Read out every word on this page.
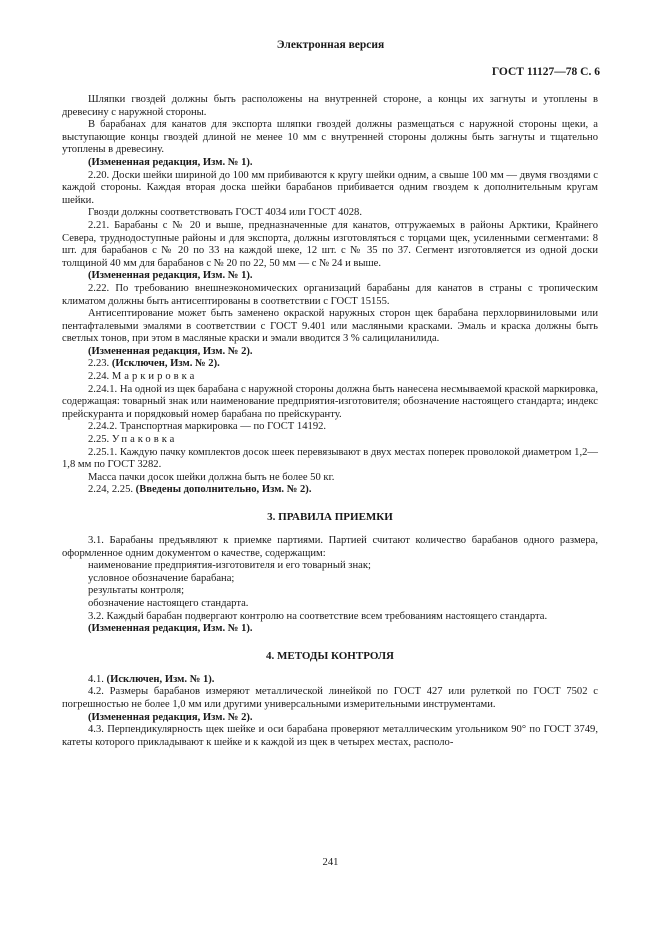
Электронная версия
ГОСТ 11127—78 С. 6

Шляпки гвоздей должны быть расположены на внутренней стороне, а концы их загнуты и утоплены в древесину с наружной стороны.

В барабанах для канатов для экспорта шляпки гвоздей должны размещаться с наружной стороны щеки, а выступающие концы гвоздей длиной не менее 10 мм с внутренней стороны должны быть загнуты и тщательно утоплены в древесину.

(Измененная редакция, Изм. № 1).

2.20. Доски шейки шириной до 100 мм прибиваются к кругу шейки одним, а свыше 100 мм — двумя гвоздями с каждой стороны. Каждая вторая доска шейки барабанов прибивается одним гвоздем к дополнительным кругам шейки.

Гвозди должны соответствовать ГОСТ 4034 или ГОСТ 4028.

2.21. Барабаны с № 20 и выше, предназначенные для канатов, отгружаемых в районы Арктики, Крайнего Севера, труднодоступные районы и для экспорта, должны изготовляться с торцами щек, усиленными сегментами: 8 шт. для барабанов с № 20 по 33 на каждой шеке, 12 шт. с № 35 по 37. Сегмент изготовляется из одной доски толщиной 40 мм для барабанов с № 20 по 22, 50 мм — с № 24 и выше.

(Измененная редакция, Изм. № 1).

2.22. По требованию внешнеэкономических организаций барабаны для канатов в страны с тропическим климатом должны быть антисептированы в соответствии с ГОСТ 15155.

Антисептирование может быть заменено окраской наружных сторон щек барабана перхлорвиниловыми или пентафталевыми эмалями в соответствии с ГОСТ 9.401 или масляными красками. Эмаль и краска должны быть светлых тонов, при этом в масляные краски и эмали вводится 3 % салициланилида.

(Измененная редакция, Изм. № 2).

2.23. (Исключен, Изм. № 2).

2.24. Маркировка

2.24.1. На одной из щек барабана с наружной стороны должна быть нанесена несмываемой краской маркировка, содержащая: товарный знак или наименование предприятия-изготовителя; обозначение настоящего стандарта; индекс прейскуранта и порядковый номер барабана по прейскуранту.

2.24.2. Транспортная маркировка — по ГОСТ 14192.

2.25. Упаковка

2.25.1. Каждую пачку комплектов досок шеек перевязывают в двух местах поперек проволокой диаметром 1,2—1,8 мм по ГОСТ 3282.

Масса пачки досок шейки должна быть не более 50 кг.

2.24, 2.25. (Введены дополнительно, Изм. № 2).

3. ПРАВИЛА ПРИЕМКИ

3.1. Барабаны предъявляют к приемке партиями. Партией считают количество барабанов одного размера, оформленное одним документом о качестве, содержащим:

наименование предприятия-изготовителя и его товарный знак;

условное обозначение барабана;

результаты контроля;

обозначение настоящего стандарта.

3.2. Каждый барабан подвергают контролю на соответствие всем требованиям настоящего стандарта.

(Измененная редакция, Изм. № 1).

4. МЕТОДЫ КОНТРОЛЯ

4.1. (Исключен, Изм. № 1).

4.2. Размеры барабанов измеряют металлической линейкой по ГОСТ 427 или рулеткой по ГОСТ 7502 с погрешностью не более 1,0 мм или другими универсальными измерительными инструментами.

(Измененная редакция, Изм. № 2).

4.3. Перпендикулярность щек шейке и оси барабана проверяют металлическим угольником 90° по ГОСТ 3749, катеты которого прикладывают к шейке и к каждой из щек в четырех местах, располо-

241
